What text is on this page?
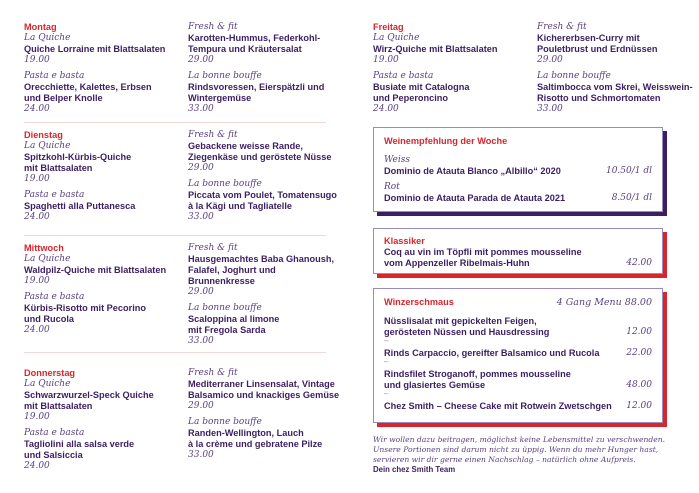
Montag
La Quiche
Quiche Lorraine mit Blattsalaten
19.00
Pasta e basta
Orecchiette, Kalettes, Erbsen
und Belper Knolle
24.00
Fresh & fit
Karotten-Hummus, Federkohl-
Tempura und Kräutersalat
29.00
La bonne bouffe
Rindsvoressen, Eierspätzli und
Wintergemüse
33.00
Dienstag
La Quiche
Spitzkohl-Kürbis-Quiche
mit Blattsalaten
19.00
Pasta e basta
Spaghetti alla Puttanesca
24.00
Fresh & fit
Gebackene weisse Rande,
Ziegenkäse und geröstete Nüsse
29.00
La bonne bouffe
Piccata vom Poulet, Tomatensugo
à la Kägi und Tagliatelle
33.00
Mittwoch
La Quiche
Waldpilz-Quiche mit Blattsalaten
19.00
Pasta e basta
Kürbis-Risotto mit Pecorino
und Rucola
24.00
Fresh & fit
Hausgemachtes Baba Ghanoush,
Falafel, Joghurt und
Brunnenkresse
29.00
La bonne bouffe
Scaloppina al limone
mit Fregola Sarda
33.00
Donnerstag
La Quiche
Schwarzwurzel-Speck Quiche
mit Blattsalaten
19.00
Pasta e basta
Tagliolini alla salsa verde
und Salsiccia
24.00
Fresh & fit
Mediterraner Linsensalat, Vintage
Balsamico und knackiges Gemüse
29.00
La bonne bouffe
Randen-Wellington, Lauch
à la crème und gebratene Pilze
33.00
Freitag
La Quiche
Wirz-Quiche mit Blattsalaten
19.00
Pasta e basta
Busiate mit Catalogna
und Peperoncino
24.00
Fresh & fit
Kichererbsen-Curry mit
Pouletbrust und Erdnüssen
29.00
La bonne bouffe
Saltimbocca vom Skrei, Weisswein-
Risotto und Schmortomaten
33.00
Weinempfehlung der Woche
Weiss
Dominio de Atauta Blanco „Albillo“ 2020	10.50/1 dl
Rot
Dominio de Atauta Parada de Atauta 2021	8.50/1 dl
Klassiker
Coq au vin im Töpfli mit pommes mousseline
vom Appenzeller Ribelmais-Huhn	42.00
Winzerschmaus	4 Gang Menu 88.00
Nüsslisalat mit gepickelten Feigen,
gerösteten Nüssen und Hausdressing	12.00
–
Rinds Carpaccio, gereifter Balsamico und Rucola	22.00
–
Rindsfilet Stroganoff, pommes mousseline
und glasiertes Gemüse	48.00
–
Chez Smith – Cheese Cake mit Rotwein Zwetschgen 12.00
Wir wollen dazu beitragen, möglichst keine Lebensmittel zu verschwenden.
Unsere Portionen sind darum nicht zu üppig. Wenn du mehr Hunger hast,
servieren wir dir gerne einen Nachschlag – natürlich ohne Aufpreis.
Dein chez Smith Team
